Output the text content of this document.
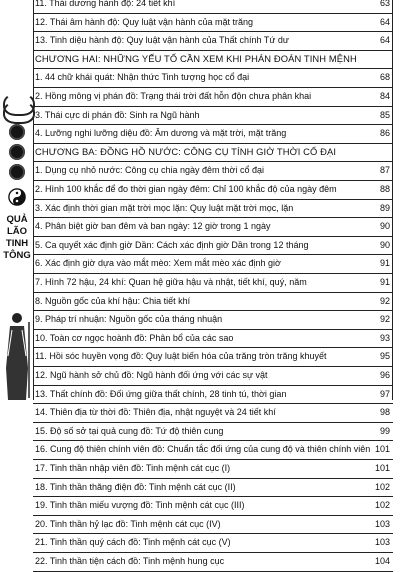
QUẢ
LÃO
TINH
TÔNG
11. Thái dương hành độ: 24 tiết khí	63
12. Thái âm hành độ: Quy luật vận hành của mặt trăng	64
13. Tinh diệu hành độ: Quy luật vận hành của Thất chính Tứ dư	64
CHƯƠNG HAI: NHỮNG YẾU TỐ CẦN XEM KHI PHÁN ĐOÁN TINH MỆNH
1. 44 chữ khái quát: Nhận thức Tinh tượng học cổ đại	68
2. Hồng mông vị phán đồ: Trạng thái trời đất hỗn độn chưa phân khai	84
3. Thái cực di phán đồ: Sinh ra Ngũ hành	85
4. Lưỡng nghi lưỡng diệu đồ: Âm dương và mặt trời, mặt trăng	86
CHƯƠNG BA: ĐỒNG HỒ NƯỚC: CÔNG CỤ TÍNH GIỜ THỜI CỔ ĐẠI
1. Dụng cụ nhỏ nước: Công cụ chia ngày đêm thời cổ đại	87
2. Hình 100 khắc để đo thời gian ngày đêm: Chỉ 100 khắc độ của ngày đêm	88
3. Xác định thời gian mặt trời mọc lặn: Quy luật mặt trời mọc, lặn	89
4. Phân biệt giờ ban đêm và ban ngày: 12 giờ trong 1 ngày	90
5. Ca quyết xác định giờ Dần: Cách xác định giờ Dần trong 12 tháng	90
6. Xác định giờ dựa vào mắt mèo: Xem mắt mèo xác định giờ	91
7. Hình 72 hậu, 24 khí: Quan hệ giữa hậu và nhật, tiết khí, quý, năm	91
8. Nguồn gốc của khí hậu: Chia tiết khí	92
9. Pháp trí nhuận: Nguồn gốc của tháng nhuận	92
10. Toàn cơ ngọc hoành đồ: Phân bổ của các sao	93
11. Hồi sóc huyền vọng đồ: Quy luật biến hóa của trăng tròn trăng khuyết	95
12. Ngũ hành sở chủ đồ: Ngũ hành đối ứng với các sự vật	96
13. Thất chính đồ: Đối ứng giữa thất chính, 28 tinh tú, thời gian	97
14. Thiên địa từ thời đồ: Thiên địa, nhật nguyệt và 24 tiết khí	98
15. Độ số sở tại quả cung đồ: Tứ độ thiên cung	99
16. Cung độ thiên chính viên đồ: Chuẩn tắc đối ứng của cung độ và thiên chính viên 101
17. Tinh thần nhập viên đồ: Tinh mệnh cát cục (I)	101
18. Tinh thần thăng điện đồ: Tinh mệnh cát cục (II)	102
19. Tinh thần miếu vượng đồ: Tinh mệnh cát cục (III)	102
20. Tinh thần hỷ lạc đồ: Tinh mệnh cát cục (IV)	103
21. Tinh thần quý cách đồ: Tinh mệnh cát cục (V)	103
22. Tinh thần tiện cách đồ: Tinh mệnh hung cục	104
